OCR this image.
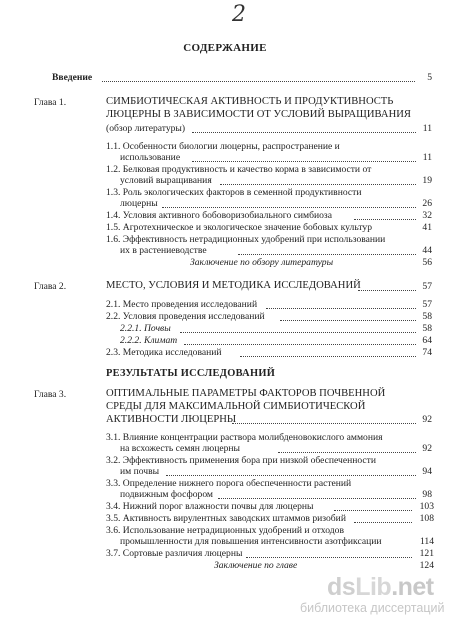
2
СОДЕРЖАНИЕ
Введение	5
Глава 1.	СИМБИОТИЧЕСКАЯ АКТИВНОСТЬ И ПРОДУКТИВНОСТЬ
ЛЮЦЕРНЫ В ЗАВИСИМОСТИ ОТ УСЛОВИЙ ВЫРАЩИВАНИЯ
(обзор литературы)	11
1.1. Особенности биологии люцерны, распространение и
использование	11
1.2. Белковая продуктивность и качество корма в зависимости от
условий выращивания	19
1.3. Роль экологических факторов в семенной продуктивности
люцерны	26
1.4. Условия активного бобоворизобиального симбиоза	32
1.5. Агротехническое и экологическое значение бобовых культур	41
1.6. Эффективность нетрадиционных удобрений при использовании
их в растениеводстве	44
Заключение по обзору литературы	56
Глава 2.	МЕСТО, УСЛОВИЯ И МЕТОДИКА ИССЛЕДОВАНИЙ	57
2.1. Место проведения исследований	57
2.2. Условия проведения исследований	58
2.2.1. Почвы	58
2.2.2. Климат	64
2.3. Методика исследований	74
РЕЗУЛЬТАТЫ ИССЛЕДОВАНИЙ
Глава 3.	ОПТИМАЛЬНЫЕ ПАРАМЕТРЫ ФАКТОРОВ ПОЧВЕННОЙ
СРЕДЫ ДЛЯ МАКСИМАЛЬНОЙ СИМБИОТИЧЕСКОЙ
АКТИВНОСТИ ЛЮЦЕРНЫ	92
3.1. Влияние концентрации раствора молибденовокислого аммония
на всхожесть семян люцерны	92
3.2. Эффективность применения бора при низкой обеспеченности
им почвы	94
3.3. Определение нижнего порога обеспеченности растений
подвижным фосфором	98
3.4. Нижний порог влажности почвы для люцерны	103
3.5. Активность вирулентных заводских штаммов ризобий	108
3.6. Использование нетрадиционных удобрений и отходов
промышленности для повышения интенсивности азотфиксации	114
3.7. Сортовые различия люцерны	121
Заключение по главе	124
dsLib.net
библиотека диссертаций
